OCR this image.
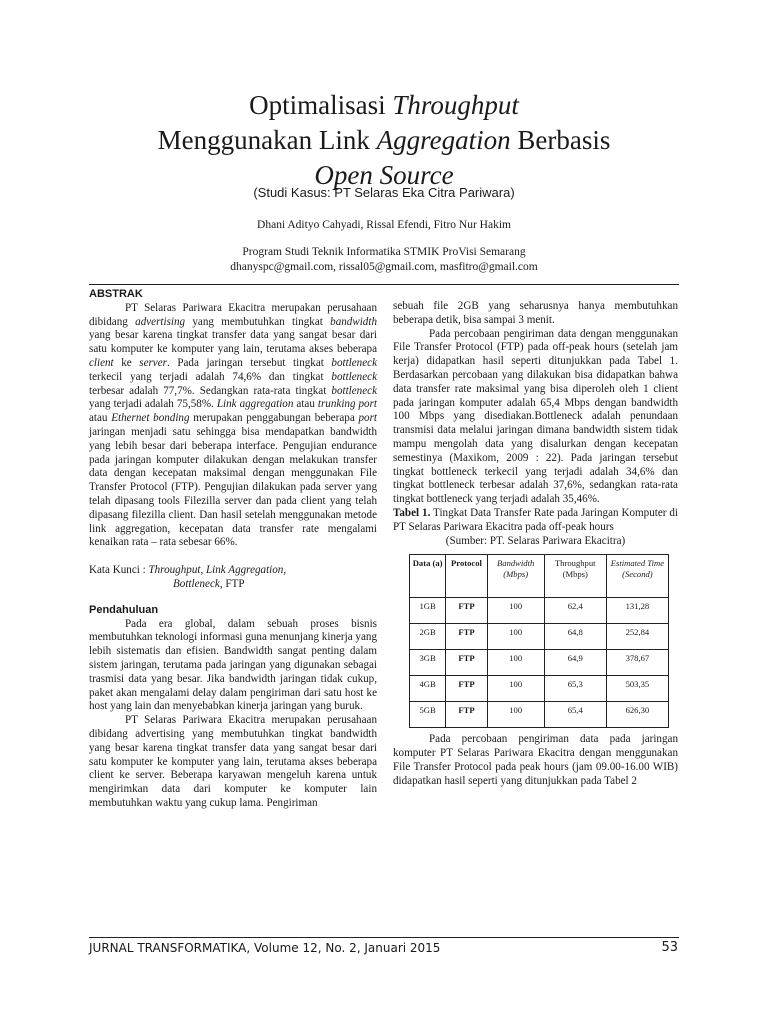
Optimalisasi Throughput
Menggunakan Link Aggregation Berbasis
Open Source
(Studi Kasus: PT Selaras Eka Citra Pariwara)
Dhani Adityo Cahyadi, Rissal Efendi, Fitro Nur Hakim
Program Studi Teknik Informatika STMIK ProVisi Semarang
dhanyspc@gmail.com, rissal05@gmail.com, masfitro@gmail.com

ABSTRAK

PT Selaras Pariwara Ekacitra merupakan perusahaan dibidang advertising yang membutuhkan tingkat bandwidth yang besar karena tingkat transfer data yang sangat besar dari satu komputer ke komputer yang lain, terutama akses beberapa client ke server. Pada jaringan tersebut tingkat bottleneck terkecil yang terjadi adalah 74,6% dan tingkat bottleneck terbesar adalah 77,7%. Sedangkan rata-rata tingkat bottleneck yang terjadi adalah 75,58%. Link aggregation atau trunking port atau Ethernet bonding merupakan penggabungan beberapa port jaringan menjadi satu sehingga bisa mendapatkan bandwidth yang lebih besar dari beberapa interface. Pengujian endurance pada jaringan komputer dilakukan dengan melakukan transfer data dengan kecepatan maksimal dengan menggunakan File Transfer Protocol (FTP). Pengujian dilakukan pada server yang telah dipasang tools Filezilla server dan pada client yang telah dipasang filezilla client. Dan hasil setelah menggunakan metode link aggregation, kecepatan data transfer rate mengalami kenaikan rata – rata sebesar 66%.

Kata Kunci : Throughput, Link Aggregation,

Bottleneck, FTP

Pendahuluan

Pada era global, dalam sebuah proses bisnis membutuhkan teknologi informasi guna menunjang kinerja yang lebih sistematis dan efisien. Bandwidth sangat penting dalam sistem jaringan, terutama pada jaringan yang digunakan sebagai trasmisi data yang besar. Jika bandwidth jaringan tidak cukup, paket akan mengalami delay dalam pengiriman dari satu host ke host yang lain dan menyebabkan kinerja jaringan yang buruk.

PT Selaras Pariwara Ekacitra merupakan perusahaan dibidang advertising yang membutuhkan tingkat bandwidth yang besar karena tingkat transfer data yang sangat besar dari satu komputer ke komputer yang lain, terutama akses beberapa client ke server. Beberapa karyawan mengeluh karena untuk mengirimkan data dari komputer ke komputer lain membutuhkan waktu yang cukup lama. Pengiriman

sebuah file 2GB yang seharusnya hanya membutuhkan beberapa detik, bisa sampai 3 menit.

Pada percobaan pengiriman data dengan menggunakan File Transfer Protocol (FTP) pada off-peak hours (setelah jam kerja) didapatkan hasil seperti ditunjukkan pada Tabel 1. Berdasarkan percobaan yang dilakukan bisa didapatkan bahwa data transfer rate maksimal yang bisa diperoleh oleh 1 client pada jaringan komputer adalah 65,4 Mbps dengan bandwidth 100 Mbps yang disediakan.Bottleneck adalah penundaan transmisi data melalui jaringan dimana bandwidth sistem tidak mampu mengolah data yang disalurkan dengan kecepatan semestinya (Maxikom, 2009 : 22). Pada jaringan tersebut tingkat bottleneck terkecil yang terjadi adalah 34,6% dan tingkat bottleneck terbesar adalah 37,6%, sedangkan rata-rata tingkat bottleneck yang terjadi adalah 35,46%.

Tabel 1. Tingkat Data Transfer Rate pada Jaringan Komputer di PT Selaras Pariwara Ekacitra pada off-peak hours

(Sumber: PT. Selaras Pariwara Ekacitra)

Data (a)	Protocol	Bandwidth (Mbps)	Throughput (Mbps)	Estimated Time (Second)
1GB	FTP	100	62,4	131,28
2GB	FTP	100	64,8	252,84
3GB	FTP	100	64,9	378,67
4GB	FTP	100	65,3	503,35
5GB	FTP	100	65,4	626,30

Pada percobaan pengiriman data pada jaringan komputer PT Selaras Pariwara Ekacitra dengan menggunakan File Transfer Protocol pada peak hours (jam 09.00-16.00 WIB) didapatkan hasil seperti yang ditunjukkan pada Tabel 2

JURNAL TRANSFORMATIKA, Volume 12, No. 2, Januari 2015	53
